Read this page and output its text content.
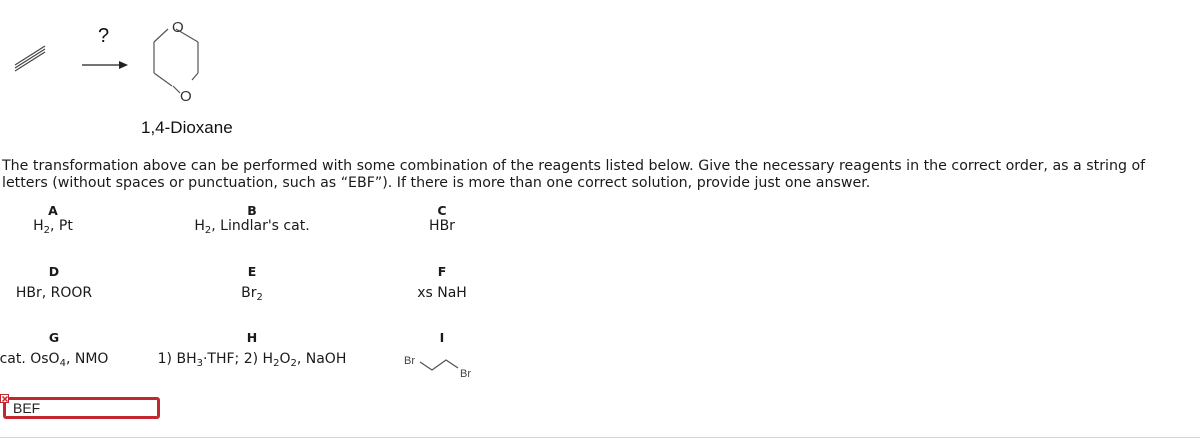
?	O
O
1,4-Dioxane

The transformation above can be performed with some combination of the reagents listed below. Give the necessary reagents in the correct order, as a string of letters (without spaces or punctuation, such as “EBF”). If there is more than one correct solution, provide just one answer.

A
$H_2$, Pt
B
$H_2$, Lindlar's cat.
C
HBr
D
HBr, ROOR
E
$Br_2$
F
xs NaH
G
cat. OsO$_4$, NMO
H
1) $BH_3\cdot THF$; 2) $H_2O_2$, NaOH
I
Br
Br
BEF
